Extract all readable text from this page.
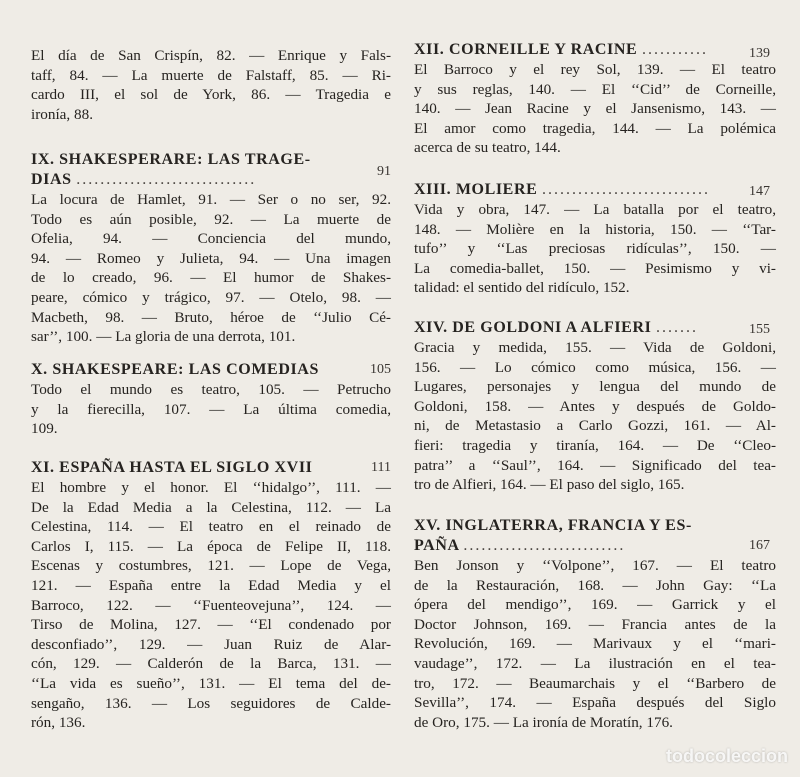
El día de San Crispín, 82. — Enrique y Fals-
taff, 84. — La muerte de Falstaff, 85. — Ri-
cardo III, el sol de York, 86. — Tragedia e
ironía, 88.
IX. SHAKESPERARE: LAS TRAGE-
DIAS ..............................	91
La locura de Hamlet, 91. — Ser o no ser, 92.
Todo es aún posible, 92. — La muerte de
Ofelia, 94. — Conciencia del mundo,
94. — Romeo y Julieta, 94. — Una imagen
de lo creado, 96. — El humor de Shakes-
peare, cómico y trágico, 97. — Otelo, 98. —
Macbeth, 98. — Bruto, héroe de ‘‘Julio Cé-
sar’’, 100. — La gloria de una derrota, 101.
X. SHAKESPEARE: LAS COMEDIAS	105
Todo el mundo es teatro, 105. — Petrucho
y la fierecilla, 107. — La última comedia,
109.
XI. ESPAÑA HASTA EL SIGLO XVII	111
El hombre y el honor. El ‘‘hidalgo’’, 111. —
De la Edad Media a la Celestina, 112. — La
Celestina, 114. — El teatro en el reinado de
Carlos I, 115. — La época de Felipe II, 118.
Escenas y costumbres, 121. — Lope de Vega,
121. — España entre la Edad Media y el
Barroco, 122. — ‘‘Fuenteovejuna’’, 124. —
Tirso de Molina, 127. — ‘‘El condenado por
desconfiado’’, 129. — Juan Ruiz de Alar-
cón, 129. — Calderón de la Barca, 131. —
‘‘La vida es sueño’’, 131. — El tema del de-
sengaño, 136. — Los seguidores de Calde-
rón, 136.
XII. CORNEILLE Y RACINE ...........	139
El Barroco y el rey Sol, 139. — El teatro
y sus reglas, 140. — El ‘‘Cid’’ de Corneille,
140. — Jean Racine y el Jansenismo, 143. —
El amor como tragedia, 144. — La polémica
acerca de su teatro, 144.
XIII. MOLIERE ............................	147
Vida y obra, 147. — La batalla por el teatro,
148. — Molière en la historia, 150. — ‘‘Tar-
tufo’’ y ‘‘Las preciosas ridículas’’, 150. —
La comedia-ballet, 150. — Pesimismo y vi-
talidad: el sentido del ridículo, 152.
XIV. DE GOLDONI A ALFIERI .......	155
Gracia y medida, 155. — Vida de Goldoni,
156. — Lo cómico como música, 156. —
Lugares, personajes y lengua del mundo de
Goldoni, 158. — Antes y después de Goldo-
ni, de Metastasio a Carlo Gozzi, 161. — Al-
fieri: tragedia y tiranía, 164. — De ‘‘Cleo-
patra’’ a ‘‘Saul’’, 164. — Significado del tea-
tro de Alfieri, 164. — El paso del siglo, 165.
XV. INGLATERRA, FRANCIA Y ES-
PAÑA ...........................	167
Ben Jonson y ‘‘Volpone’’, 167. — El teatro
de la Restauración, 168. — John Gay: ‘‘La
ópera del mendigo’’, 169. — Garrick y el
Doctor Johnson, 169. — Francia antes de la
Revolución, 169. — Marivaux y el ‘‘mari-
vaudage’’, 172. — La ilustración en el tea-
tro, 172. — Beaumarchais y el ‘‘Barbero de
Sevilla’’, 174. — España después del Siglo
de Oro, 175. — La ironía de Moratín, 176.
todocoleccion
